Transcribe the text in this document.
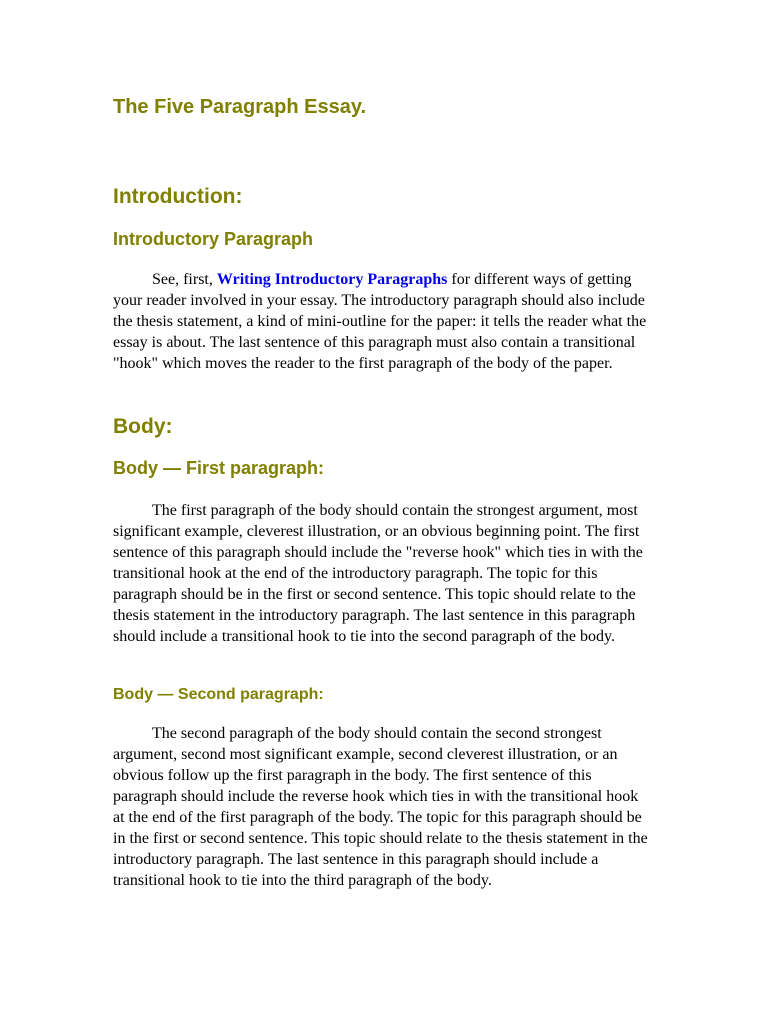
The Five Paragraph Essay.
Introduction:
Introductory Paragraph

See, first, Writing Introductory Paragraphs for different ways of getting your reader involved in your essay. The introductory paragraph should also include the thesis statement, a kind of mini-outline for the paper: it tells the reader what the essay is about. The last sentence of this paragraph must also contain a transitional "hook" which moves the reader to the first paragraph of the body of the paper.

Body:
Body — First paragraph:

The first paragraph of the body should contain the strongest argument, most significant example, cleverest illustration, or an obvious beginning point. The first sentence of this paragraph should include the "reverse hook" which ties in with the transitional hook at the end of the introductory paragraph. The topic for this paragraph should be in the first or second sentence. This topic should relate to the thesis statement in the introductory paragraph. The last sentence in this paragraph should include a transitional hook to tie into the second paragraph of the body.

Body — Second paragraph:

The second paragraph of the body should contain the second strongest argument, second most significant example, second cleverest illustration, or an obvious follow up the first paragraph in the body. The first sentence of this paragraph should include the reverse hook which ties in with the transitional hook at the end of the first paragraph of the body. The topic for this paragraph should be in the first or second sentence. This topic should relate to the thesis statement in the introductory paragraph. The last sentence in this paragraph should include a transitional hook to tie into the third paragraph of the body.
